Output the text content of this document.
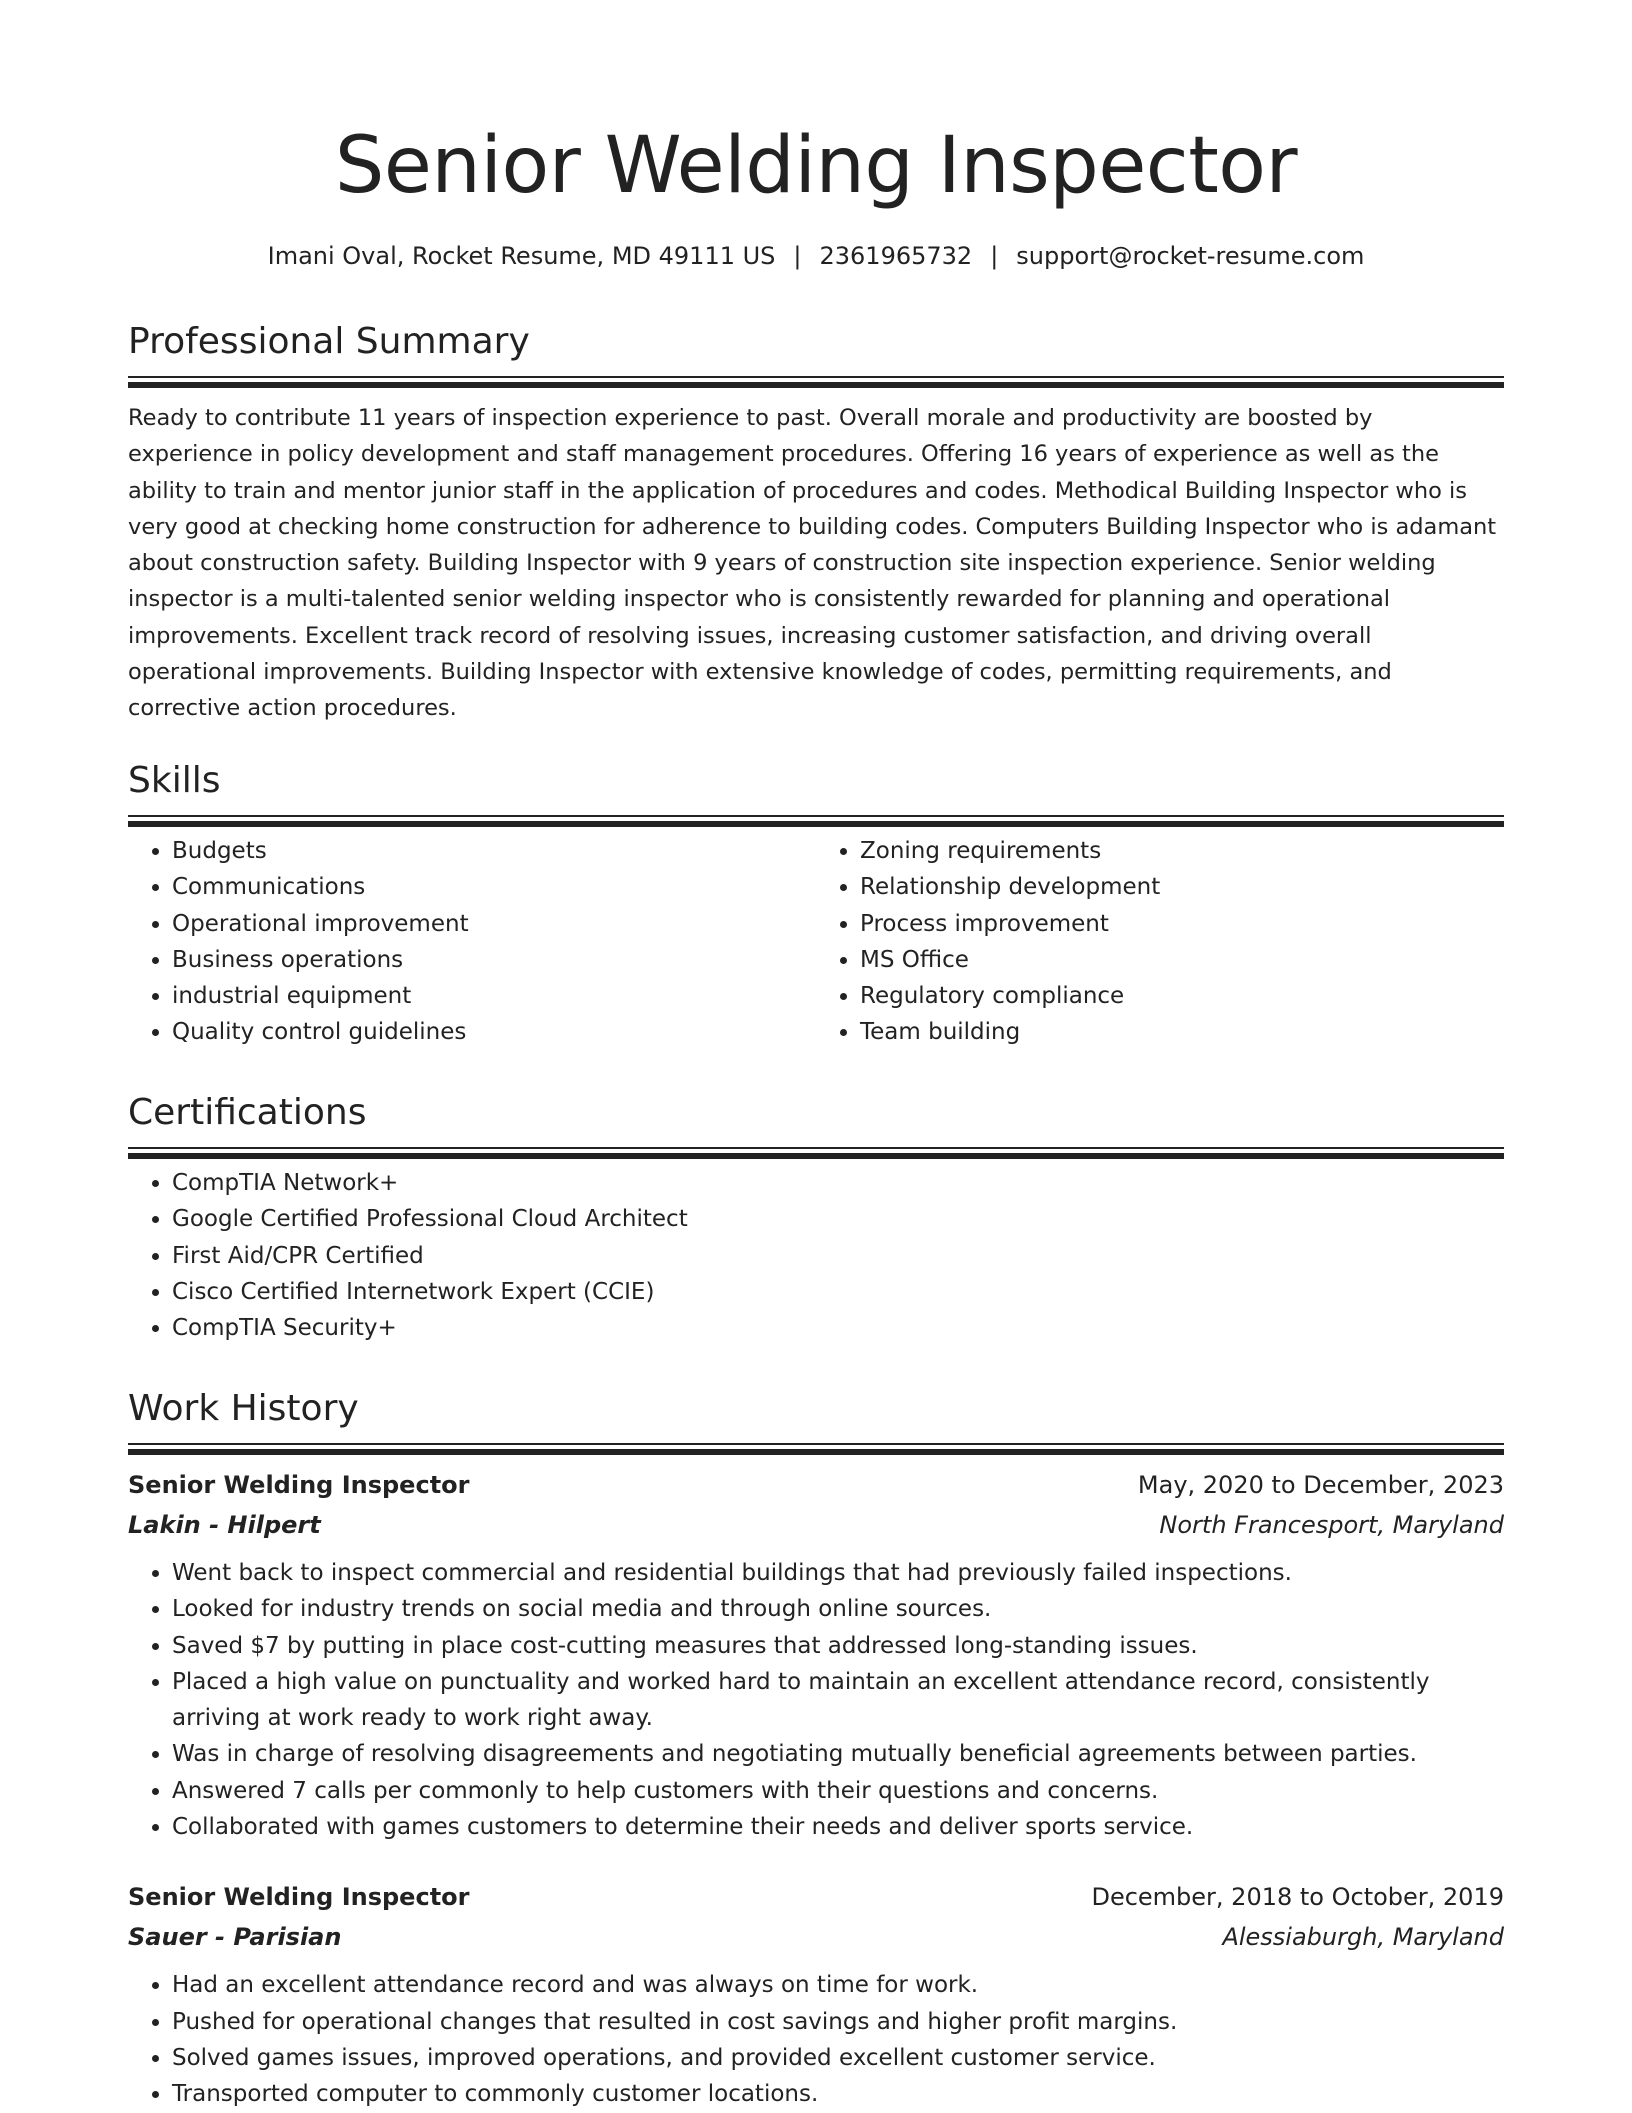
Senior Welding Inspector
Imani Oval, Rocket Resume, MD 49111 US | 2361965732 | support@rocket-resume.com
Professional Summary

Ready to contribute 11 years of inspection experience to past. Overall morale and productivity are boosted by experience in policy development and staff management procedures. Offering 16 years of experience as well as the ability to train and mentor junior staff in the application of procedures and codes. Methodical Building Inspector who is very good at checking home construction for adherence to building codes. Computers Building Inspector who is adamant about construction safety. Building Inspector with 9 years of construction site inspection experience. Senior welding inspector is a multi-talented senior welding inspector who is consistently rewarded for planning and operational improvements. Excellent track record of resolving issues, increasing customer satisfaction, and driving overall operational improvements. Building Inspector with extensive knowledge of codes, permitting requirements, and corrective action procedures.

Skills
• Budgets
• Communications
• Operational improvement
• Business operations
• industrial equipment
• Quality control guidelines
• Zoning requirements
• Relationship development
• Process improvement
• MS Office
• Regulatory compliance
• Team building
Certifications
• CompTIA Network+
• Google Certified Professional Cloud Architect
• First Aid/CPR Certified
• Cisco Certified Internetwork Expert (CCIE)
• CompTIA Security+
Work History
Senior Welding Inspector	May, 2020 to December, 2023
Lakin - Hilpert	North Francesport, Maryland
• Went back to inspect commercial and residential buildings that had previously failed inspections.
• Looked for industry trends on social media and through online sources.
• Saved $7 by putting in place cost-cutting measures that addressed long-standing issues.
• Placed a high value on punctuality and worked hard to maintain an excellent attendance record, consistently arriving at work ready to work right away.
• Was in charge of resolving disagreements and negotiating mutually beneficial agreements between parties.
• Answered 7 calls per commonly to help customers with their questions and concerns.
• Collaborated with games customers to determine their needs and deliver sports service.
Senior Welding Inspector	December, 2018 to October, 2019
Sauer - Parisian	Alessiaburgh, Maryland
• Had an excellent attendance record and was always on time for work.
• Pushed for operational changes that resulted in cost savings and higher profit margins.
• Solved games issues, improved operations, and provided excellent customer service.
• Transported computer to commonly customer locations.
